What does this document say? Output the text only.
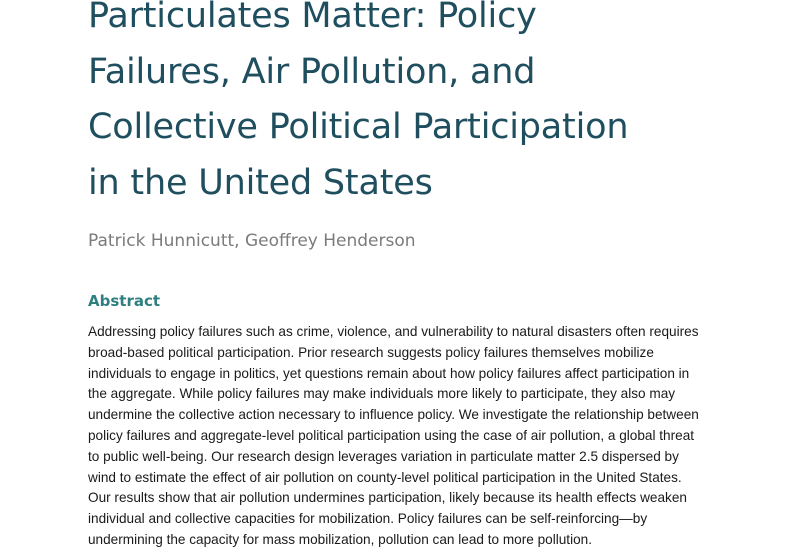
Particulates Matter: Policy
Failures, Air Pollution, and
Collective Political Participation
in the United States

Patrick Hunnicutt, Geoffrey Henderson

Abstract
Addressing policy failures such as crime, violence, and vulnerability to natural disasters often requires
broad-based political participation. Prior research suggests policy failures themselves mobilize
individuals to engage in politics, yet questions remain about how policy failures affect participation in
the aggregate. While policy failures may make individuals more likely to participate, they also may
undermine the collective action necessary to influence policy. We investigate the relationship between
policy failures and aggregate-level political participation using the case of air pollution, a global threat
to public well-being. Our research design leverages variation in particulate matter 2.5 dispersed by
wind to estimate the effect of air pollution on county-level political participation in the United States.
Our results show that air pollution undermines participation, likely because its health effects weaken
individual and collective capacities for mobilization. Policy failures can be self-reinforcing—by
undermining the capacity for mass mobilization, pollution can lead to more pollution.
